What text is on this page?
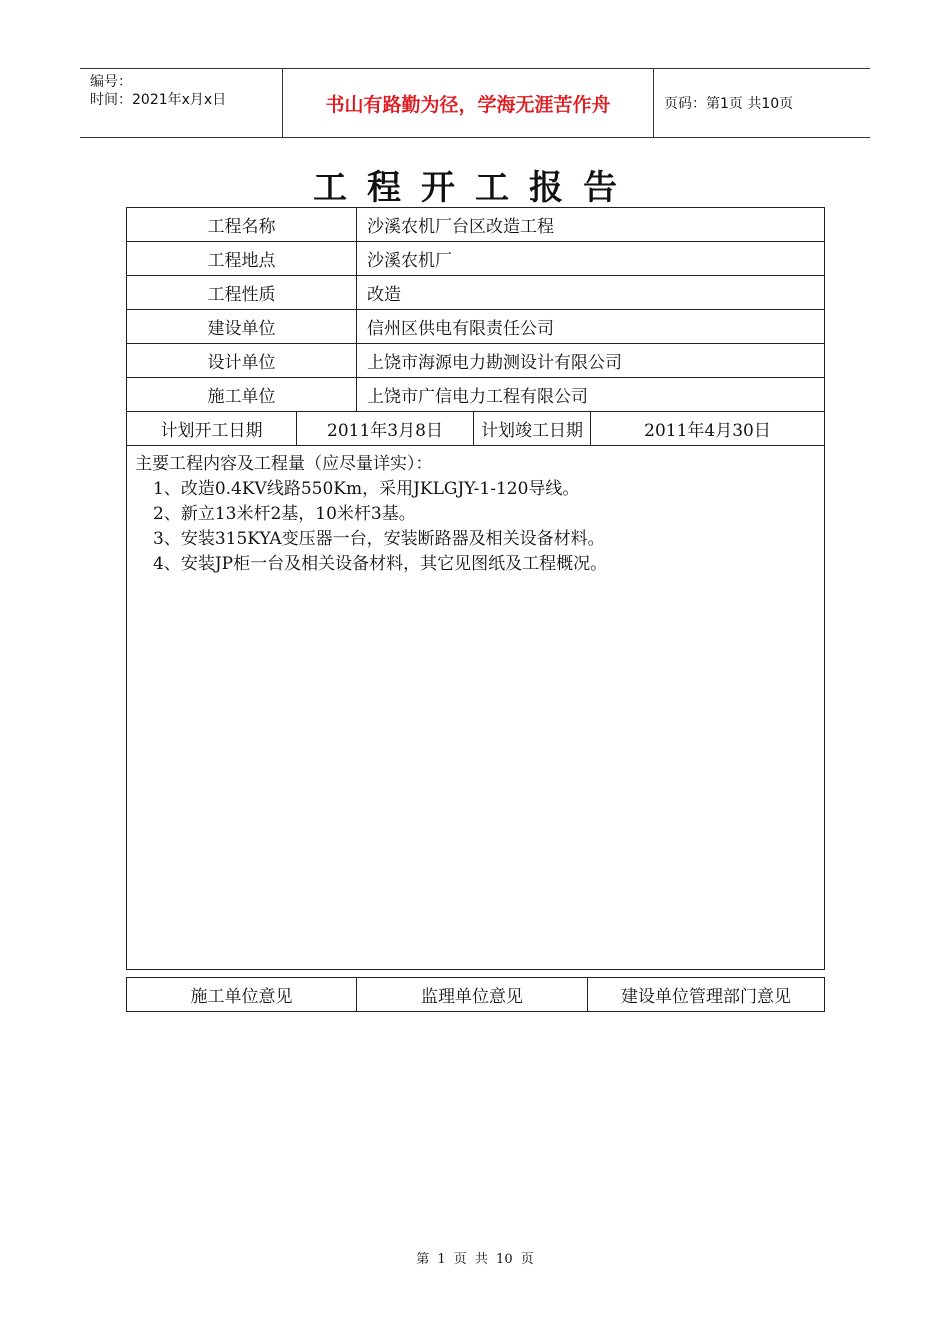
编号：
时间：2021年x月x日	书山有路勤为径，学海无涯苦作舟	页码：第1页 共10页
工程开工报告
工程名称		沙溪农机厂台区改造工程		
工程地点		沙溪农机厂		
工程性质		改造		
建设单位		信州区供电有限责任公司		
设计单位		上饶市海源电力勘测设计有限公司		
施工单位		上饶市广信电力工程有限公司		
计划开工日期	2011年3月8日		计划竣工日期	2011年4月30日

主要工程内容及工程量（应尽量详实）：
1、改造0.4KV线路550Km，采用JKLGJY-1-120导线。
2、新立13米杆2基，10米杆3基。
3、安装315KYA变压器一台，安装断路器及相关设备材料。
4、安装JP柜一台及相关设备材料，其它见图纸及工程概况。				
施工单位意见	监理单位意见	建设单位管理部门意见
第 1 页 共 10 页
